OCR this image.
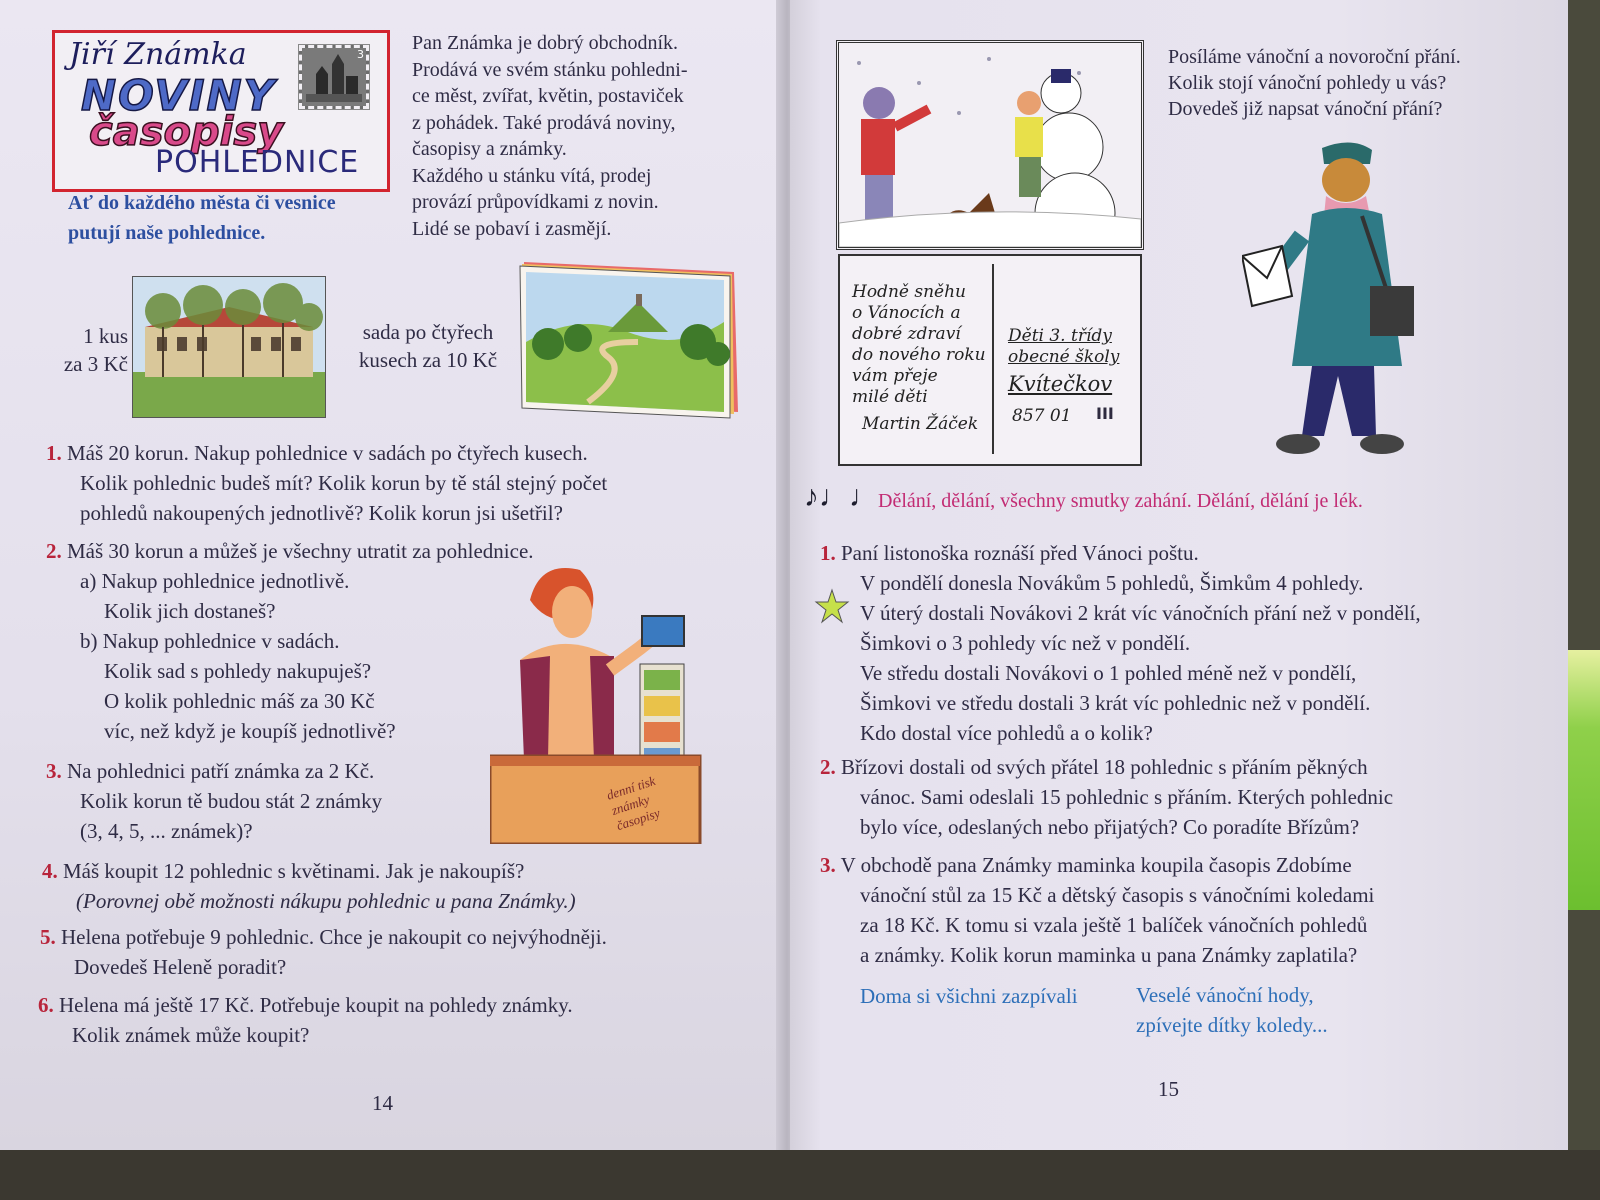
Jiří Známka
NOVINY
časopisy
POHLEDNICE
3
Ať do každého města či vesnice
putují naše pohlednice.
Pan Známka je dobrý obchodník.
Prodává ve svém stánku pohledni-
ce měst, zvířat, květin, postaviček
z pohádek. Také prodává noviny,
časopisy a známky.
Každého u stánku vítá, prodej
provází průpovídkami z novin.
Lidé se pobaví i zasmějí.
1 kus
za 3 Kč
sada po čtyřech
kusech za 10 Kč
1. Máš 20 korun. Nakup pohlednice v sadách po čtyřech kusech.
Kolik pohlednic budeš mít? Kolik korun by tě stál stejný počet
pohledů nakoupených jednotlivě? Kolik korun jsi ušetřil?
2. Máš 30 korun a můžeš je všechny utratit za pohlednice.
a) Nakup pohlednice jednotlivě.
Kolik jich dostaneš?
b) Nakup pohlednice v sadách.
Kolik sad s pohledy nakupuješ?
O kolik pohlednic máš za 30 Kč
víc, než když je koupíš jednotlivě?
3. Na pohlednici patří známka za 2 Kč.
Kolik korun tě budou stát 2 známky
(3, 4, 5, ... známek)?
denní tisk známky časopisy
4. Máš koupit 12 pohlednic s květinami. Jak je nakoupíš?
(Porovnej obě možnosti nákupu pohlednic u pana Známky.)
5. Helena potřebuje 9 pohlednic. Chce je nakoupit co nejvýhodněji.
Dovedeš Heleně poradit?
6. Helena má ještě 17 Kč. Potřebuje koupit na pohledy známky.
Kolik známek může koupit?
14
Hodně sněhu
o Vánocích a
dobré zdraví
do nového roku
vám přeje
milé děti
Martin Žáček
Děti 3. třídy
obecné školy
Kvítečkov
857 01 III
Posíláme vánoční a novoroční přání.
Kolik stojí vánoční pohledy u vás?
Dovedeš již napsat vánoční přání?
♪♩♩ Dělání, dělání, všechny smutky zahání. Dělání, dělání je lék.
1. Paní listonoška roznáší před Vánoci poštu.
V pondělí donesla Novákům 5 pohledů, Šimkům 4 pohledy.
V úterý dostali Novákovi 2 krát víc vánočních přání než v pondělí,
Šimkovi o 3 pohledy víc než v pondělí.
Ve středu dostali Novákovi o 1 pohled méně než v pondělí,
Šimkovi ve středu dostali 3 krát víc pohlednic než v pondělí.
Kdo dostal více pohledů a o kolik?
2. Břízovi dostali od svých přátel 18 pohlednic s přáním pěkných
vánoc. Sami odeslali 15 pohlednic s přáním. Kterých pohlednic
bylo více, odeslaných nebo přijatých? Co poradíte Břízům?
3. V obchodě pana Známky maminka koupila časopis Zdobíme
vánoční stůl za 15 Kč a dětský časopis s vánočními koledami
za 18 Kč. K tomu si vzala ještě 1 balíček vánočních pohledů
a známky. Kolik korun maminka u pana Známky zaplatila?
Doma si všichni zazpívali	Veselé vánoční hody,
zpívejte dítky koledy...
15
